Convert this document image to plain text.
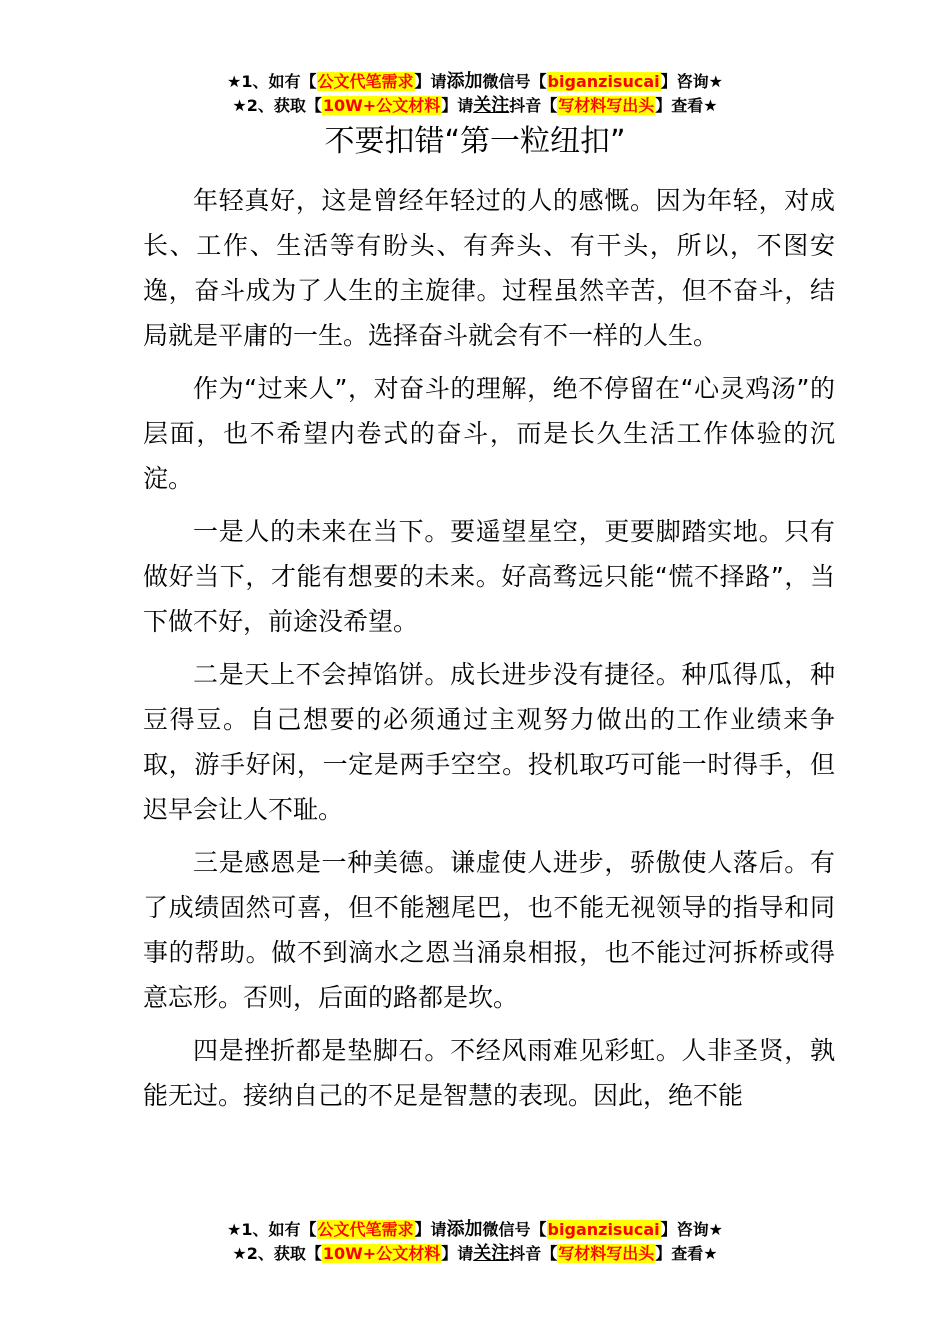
★1、如有【公文代笔需求】请添加微信号【biganzisucai】咨询★
★2、获取【10W+公文材料】请关注抖音【写材料写出头】查看★
不要扣错“第一粒纽扣”

年轻真好，这是曾经年轻过的人的感慨。因为年轻，对成长、工作、生活等有盼头、有奔头、有干头，所以，不图安逸，奋斗成为了人生的主旋律。过程虽然辛苦，但不奋斗，结局就是平庸的一生。选择奋斗就会有不一样的人生。

作为“过来人”，对奋斗的理解，绝不停留在“心灵鸡汤”的层面，也不希望内卷式的奋斗，而是长久生活工作体验的沉淀。

一是人的未来在当下。要遥望星空，更要脚踏实地。只有做好当下，才能有想要的未来。好高骛远只能“慌不择路”，当下做不好，前途没希望。

二是天上不会掉馅饼。成长进步没有捷径。种瓜得瓜，种豆得豆。自己想要的必须通过主观努力做出的工作业绩来争取，游手好闲，一定是两手空空。投机取巧可能一时得手，但迟早会让人不耻。

三是感恩是一种美德。谦虚使人进步，骄傲使人落后。有了成绩固然可喜，但不能翘尾巴，也不能无视领导的指导和同事的帮助。做不到滴水之恩当涌泉相报，也不能过河拆桥或得意忘形。否则，后面的路都是坎。

四是挫折都是垫脚石。不经风雨难见彩虹。人非圣贤，孰能无过。接纳自己的不足是智慧的表现。因此，绝不能

★1、如有【公文代笔需求】请添加微信号【biganzisucai】咨询★
★2、获取【10W+公文材料】请关注抖音【写材料写出头】查看★
